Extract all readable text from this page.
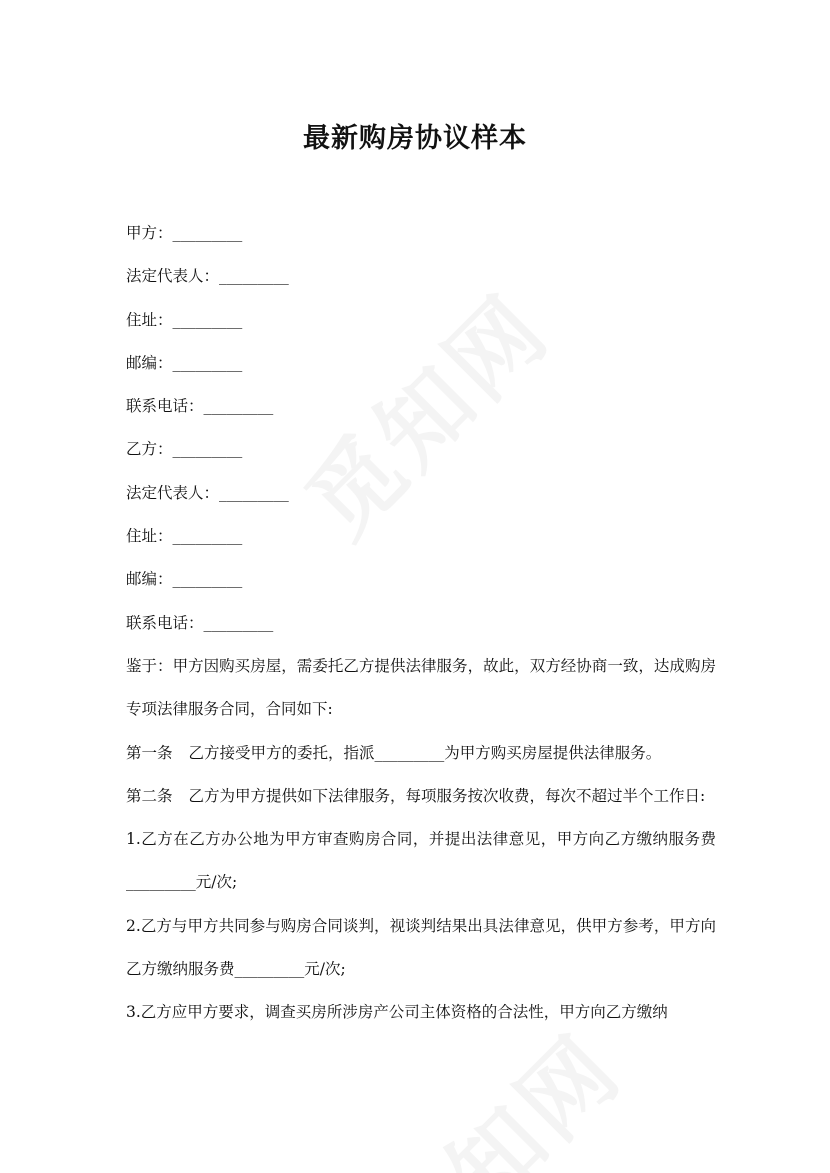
最新购房协议样本
甲方：_________
法定代表人：_________
住址：_________
邮编：_________
联系电话：_________
乙方：_________
法定代表人：_________
住址：_________
邮编：_________
联系电话：_________
鉴于：甲方因购买房屋，需委托乙方提供法律服务，故此，双方经协商一致，达成购房专项法律服务合同，合同如下:
第一条 乙方接受甲方的委托，指派_________为甲方购买房屋提供法律服务。
第二条 乙方为甲方提供如下法律服务，每项服务按次收费，每次不超过半个工作日:
1.乙方在乙方办公地为甲方审查购房合同，并提出法律意见，甲方向乙方缴纳服务费_________元/次;
2.乙方与甲方共同参与购房合同谈判，视谈判结果出具法律意见，供甲方参考，甲方向乙方缴纳服务费_________元/次;
3.乙方应甲方要求，调查买房所涉房产公司主体资格的合法性，甲方向乙方缴纳
